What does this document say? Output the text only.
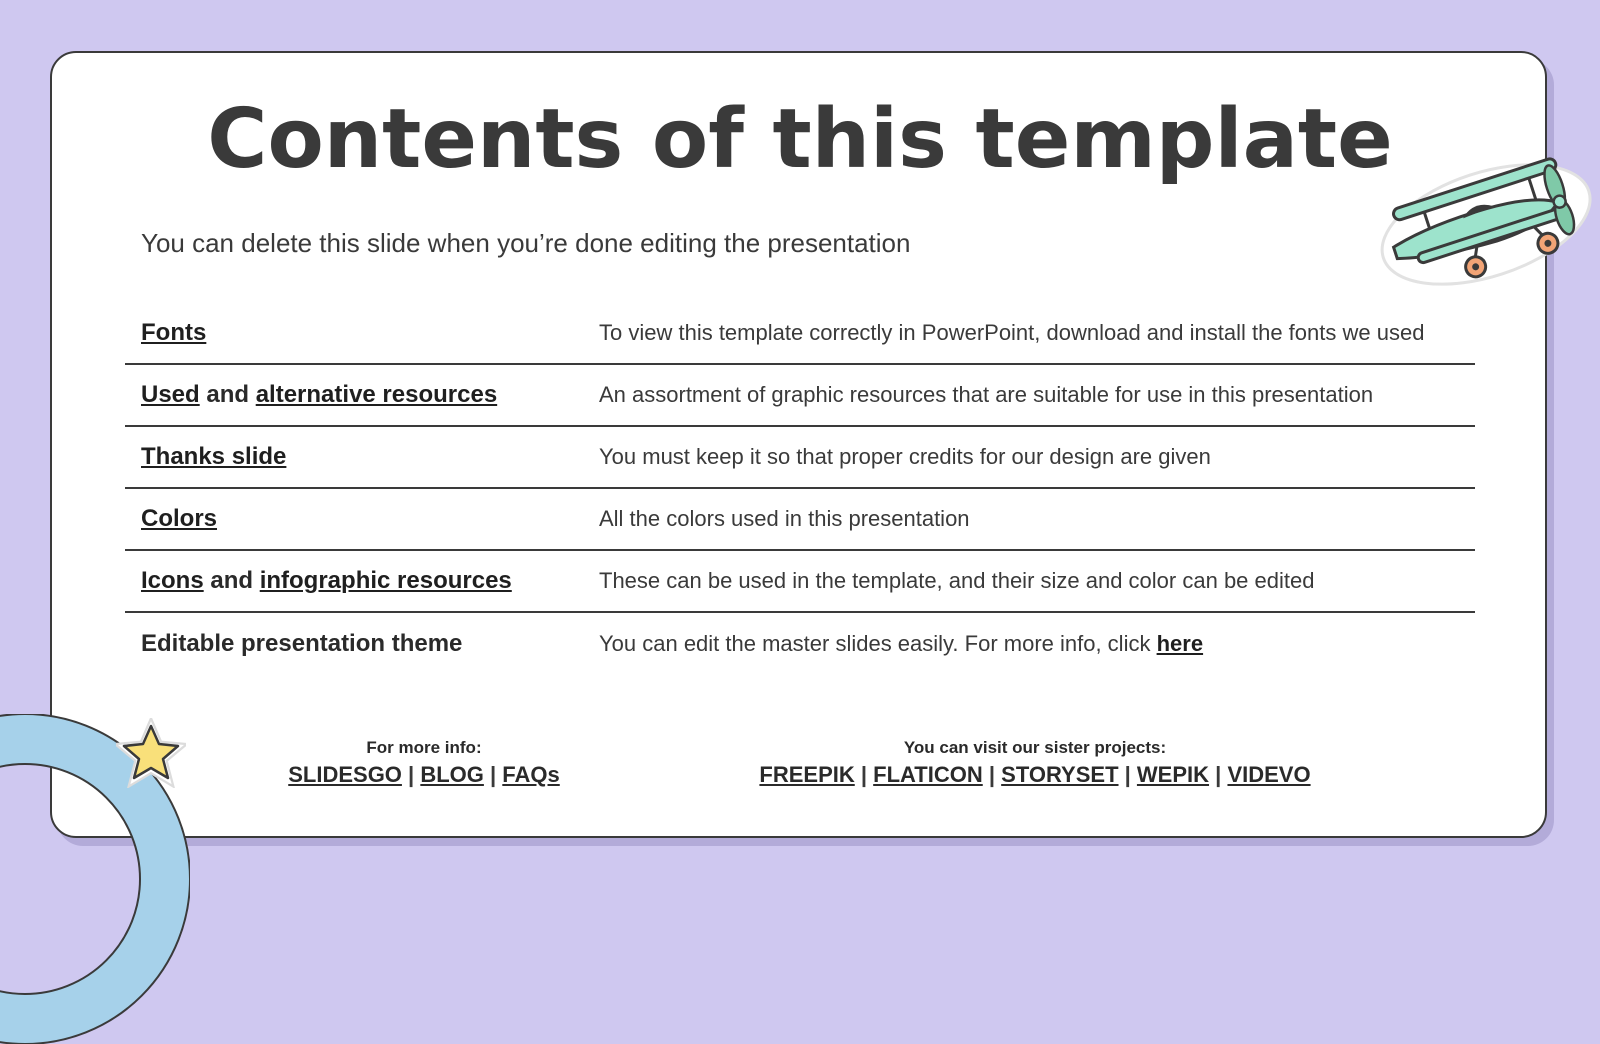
Contents of this template
You can delete this slide when you’re done editing the presentation
Fonts	To view this template correctly in PowerPoint, download and install the fonts we used
Used and alternative resources	An assortment of graphic resources that are suitable for use in this presentation
Thanks slide	You must keep it so that proper credits for our design are given
Colors	All the colors used in this presentation
Icons and infographic resources	These can be used in the template, and their size and color can be edited
Editable presentation theme	You can edit the master slides easily. For more info, click here
For more info:
SLIDESGO | BLOG | FAQs
You can visit our sister projects:
FREEPIK | FLATICON | STORYSET | WEPIK | VIDEVO
